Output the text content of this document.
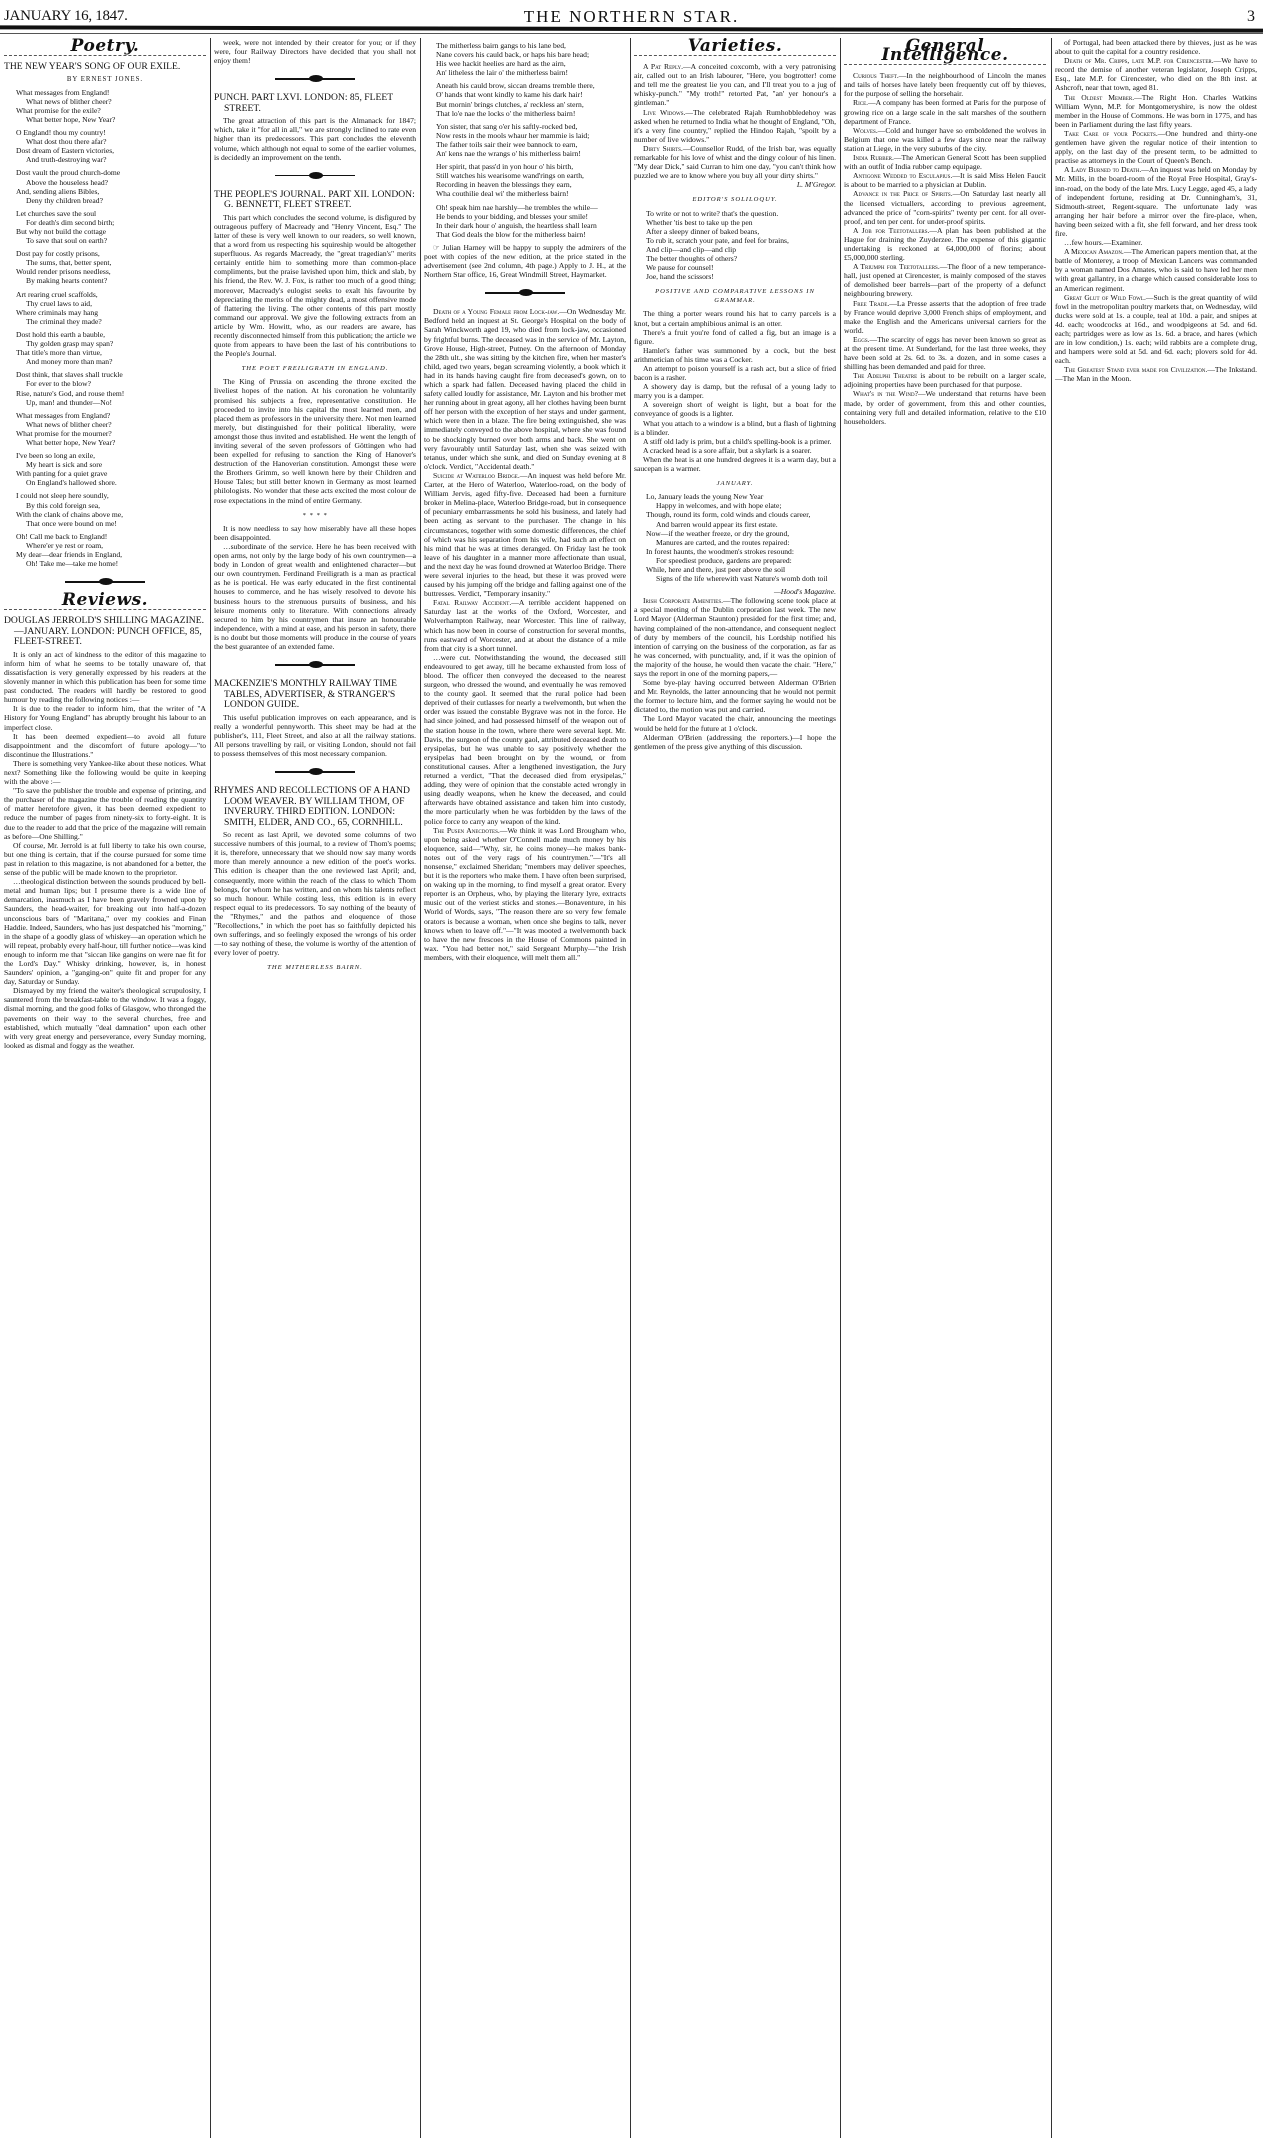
JANUARY 16, 1847.	THE NORTHERN STAR.	3
Poetry.
THE NEW YEAR'S SONG OF OUR EXILE.
BY ERNEST JONES.
What messages from England!
What news of blither cheer?
What promise for the exile?
What better hope, New Year?
O England! thou my country!
What dost thou there afar?
Dost dream of Eastern victories,
And truth-destroying war?
Dost vault the proud church-dome
Above the houseless head?
And, sending aliens Bibles,
Deny thy children bread?
Let churches save the soul
For death's dim second birth;
But why not build the cottage
To save that soul on earth?
Dost pay for costly prisons,
The sums, that, better spent,
Would render prisons needless,
By making hearts content?
Art rearing cruel scaffolds,
Thy cruel laws to aid,
Where criminals may hang
The criminal they made?
Dost hold this earth a bauble,
Thy golden grasp may span?
That title's more than virtue,
And money more than man?
Dost think, that slaves shall truckle
For ever to the blow?
Rise, nature's God, and rouse them!
Up, man! and thunder—No!
What messages from England?
What news of blither cheer?
What promise for the mourner?
What better hope, New Year?
I've been so long an exile,
My heart is sick and sore
With panting for a quiet grave
On England's hallowed shore.
I could not sleep here soundly,
By this cold foreign sea,
With the clank of chains above me,
That once were bound on me!
Oh! Call me back to England!
Where'er ye rest or roam,
My dear—dear friends in England,
Oh! Take me—take me home!
Reviews.
DOUGLAS JERROLD'S SHILLING MAGAZINE.—JANUARY. LONDON: PUNCH OFFICE, 85, FLEET-STREET.

It is only an act of kindness to the editor of this magazine to inform him of what he seems to be totally unaware of, that dissatisfaction is very generally expressed by his readers at the slovenly manner in which this publication has been for some time past conducted. The readers will hardly be restored to good humour by reading the following notices :—

It is due to the reader to inform him, that the writer of "A History for Young England" has abruptly brought his labour to an imperfect close.

It has been deemed expedient—to avoid all future disappointment and the discomfort of future apology—"to discontinue the Illustrations."

There is something very Yankee-like about these notices. What next? Something like the following would be quite in keeping with the above :—

"To save the publisher the trouble and expense of printing, and the purchaser of the magazine the trouble of reading the quantity of matter heretofore given, it has been deemed expedient to reduce the number of pages from ninety-six to forty-eight. It is due to the reader to add that the price of the magazine will remain as before—One Shilling."

Of course, Mr. Jerrold is at full liberty to take his own course, but one thing is certain, that if the course pursued for some time past in relation to this magazine, is not abandoned for a better, the sense of the public will be made known to the proprietor.

…theological distinction between the sounds produced by bell-metal and human lips; but I presume there is a wide line of demarcation, inasmuch as I have been gravely frowned upon by Saunders, the head-waiter, for breaking out into half-a-dozen unconscious bars of "Maritana," over my cookies and Finan Haddie. Indeed, Saunders, who has just despatched his "morning," in the shape of a goodly glass of whiskey—an operation which he will repeat, probably every half-hour, till further notice—was kind enough to inform me that "siccan like gangins on were nae fit for the Lord's Day." Whisky drinking, however, is, in honest Saunders' opinion, a "ganging-on" quite fit and proper for any day, Saturday or Sunday.

Dismayed by my friend the waiter's theological scrupulosity, I sauntered from the breakfast-table to the window. It was a foggy, dismal morning, and the good folks of Glasgow, who thronged the pavements on their way to the several churches, free and established, which mutually "deal damnation" upon each other with very great energy and perseverance, every Sunday morning, looked as dismal and foggy as the weather.

week, were not intended by their creator for you; or if they were, four Railway Directors have decided that you shall not enjoy them!

PUNCH. PART LXVI. LONDON: 85, FLEET STREET.

The great attraction of this part is the Almanack for 1847; which, take it "for all in all," we are strongly inclined to rate even higher than its predecessors. This part concludes the eleventh volume, which although not equal to some of the earlier volumes, is decidedly an improvement on the tenth.

THE PEOPLE'S JOURNAL. PART XII. LONDON: G. BENNETT, FLEET STREET.

This part which concludes the second volume, is disfigured by outrageous puffery of Macready and "Henry Vincent, Esq." The latter of these is very well known to our readers, so well known, that a word from us respecting his squireship would be altogether superfluous. As regards Macready, the "great tragedian's" merits certainly entitle him to something more than common-place compliments, but the praise lavished upon him, thick and slab, by his friend, the Rev. W. J. Fox, is rather too much of a good thing; moreover, Macready's eulogist seeks to exalt his favourite by depreciating the merits of the mighty dead, a most offensive mode of flattering the living. The other contents of this part mostly command our approval. We give the following extracts from an article by Wm. Howitt, who, as our readers are aware, has recently disconnected himself from this publication; the article we quote from appears to have been the last of his contributions to the People's Journal.

THE POET FREILIGRATH IN ENGLAND.

The King of Prussia on ascending the throne excited the liveliest hopes of the nation. At his coronation he voluntarily promised his subjects a free, representative constitution. He proceeded to invite into his capital the most learned men, and placed them as professors in the university there. Not men learned merely, but distinguished for their political liberality, were amongst those thus invited and established. He went the length of inviting several of the seven professors of Göttingen who had been expelled for refusing to sanction the King of Hanover's destruction of the Hanoverian constitution. Amongst these were the Brothers Grimm, so well known here by their Children and House Tales; but still better known in Germany as most learned philologists. No wonder that these acts excited the most colour de rose expectations in the mind of entire Germany.

* * * *

It is now needless to say how miserably have all these hopes been disappointed.

…subordinate of the service. Here he has been received with open arms, not only by the large body of his own countrymen—a body in London of great wealth and enlightened character—but our own countrymen. Ferdinand Freiligrath is a man as practical as he is poetical. He was early educated in the first continental houses to commerce, and he has wisely resolved to devote his business hours to the strenuous pursuits of business, and his leisure moments only to literature. With connections already secured to him by his countrymen that insure an honourable independence, with a mind at ease, and his person in safety, there is no doubt but those moments will produce in the course of years the best guarantee of an extended fame.

MACKENZIE'S MONTHLY RAILWAY TIME TABLES, ADVERTISER, & STRANGER'S LONDON GUIDE.

This useful publication improves on each appearance, and is really a wonderful pennyworth. This sheet may be had at the publisher's, 111, Fleet Street, and also at all the railway stations. All persons travelling by rail, or visiting London, should not fail to possess themselves of this most necessary companion.

RHYMES AND RECOLLECTIONS OF A HAND LOOM WEAVER. BY WILLIAM THOM, OF INVERURY. THIRD EDITION. LONDON: SMITH, ELDER, AND CO., 65, CORNHILL.

So recent as last April, we devoted some columns of two successive numbers of this journal, to a review of Thom's poems; it is, therefore, unnecessary that we should now say many words more than merely announce a new edition of the poet's works. This edition is cheaper than the one reviewed last April; and, consequently, more within the reach of the class to which Thom belongs, for whom he has written, and on whom his talents reflect so much honour. While costing less, this edition is in every respect equal to its predecessors. To say nothing of the beauty of the "Rhymes," and the pathos and eloquence of those "Recollections," in which the poet has so faithfully depicted his own sufferings, and so feelingly exposed the wrongs of his order—to say nothing of these, the volume is worthy of the attention of every lover of poetry.

THE MITHERLESS BAIRN.
The mitherless bairn gangs to his lane bed,
Nane covers his cauld back, or haps his bare head;
His wee hackit heelies are hard as the airn,
An' litheless the lair o' the mitherless bairn!
Aneath his cauld brow, siccan dreams tremble there,
O' hands that wont kindly to kame his dark hair!
But mornin' brings clutches, a' reckless an' stern,
That lo'e nae the locks o' the mitherless bairn!
Yon sister, that sang o'er his saftly-rocked bed,
Now rests in the mools whaur her mammie is laid;
The father toils sair their wee bannock to earn,
An' kens nae the wrangs o' his mitherless bairn!
Her spirit, that pass'd in yon hour o' his birth,
Still watches his wearisome wand'rings on earth,
Recording in heaven the blessings they earn,
Wha couthilie deal wi' the mitherless bairn!
Oh! speak him nae harshly—he trembles the while—
He bends to your bidding, and blesses your smile!
In their dark hour o' anguish, the heartless shall learn
That God deals the blow for the mitherless bairn!

☞ Julian Harney will be happy to supply the admirers of the poet with copies of the new edition, at the price stated in the advertisement (see 2nd column, 4th page.) Apply to J. H., at the Northern Star office, 16, Great Windmill Street, Haymarket.

Death of a Young Female from Lock-jaw.—On Wednesday Mr. Bedford held an inquest at St. George's Hospital on the body of Sarah Winckworth aged 19, who died from lock-jaw, occasioned by frightful burns. The deceased was in the service of Mr. Layton, Grove House, High-street, Putney. On the afternoon of Monday the 28th ult., she was sitting by the kitchen fire, when her master's child, aged two years, began screaming violently, a book which it had in its hands having caught fire from deceased's gown, on to which a spark had fallen. Deceased having placed the child in safety called loudly for assistance, Mr. Layton and his brother met her running about in great agony, all her clothes having been burnt off her person with the exception of her stays and under garment, which were then in a blaze. The fire being extinguished, she was immediately conveyed to the above hospital, where she was found to be shockingly burned over both arms and back. She went on very favourably until Saturday last, when she was seized with tetanus, under which she sunk, and died on Sunday evening at 8 o'clock. Verdict, "Accidental death."

Suicide at Waterloo Bridge.—An inquest was held before Mr. Carter, at the Hero of Waterloo, Waterloo-road, on the body of William Jervis, aged fifty-five. Deceased had been a furniture broker in Melina-place, Waterloo Bridge-road, but in consequence of pecuniary embarrassments he sold his business, and lately had been acting as servant to the purchaser. The change in his circumstances, together with some domestic differences, the chief of which was his separation from his wife, had such an effect on his mind that he was at times deranged. On Friday last he took leave of his daughter in a manner more affectionate than usual, and the next day he was found drowned at Waterloo Bridge. There were several injuries to the head, but these it was proved were caused by his jumping off the bridge and falling against one of the buttresses. Verdict, "Temporary insanity."

Fatal Railway Accident.—A terrible accident happened on Saturday last at the works of the Oxford, Worcester, and Wolverhampton Railway, near Worcester. This line of railway, which has now been in course of construction for several months, runs eastward of Worcester, and at about the distance of a mile from that city is a short tunnel.

…were cut. Notwithstanding the wound, the deceased still endeavoured to get away, till he became exhausted from loss of blood. The officer then conveyed the deceased to the nearest surgeon, who dressed the wound, and eventually he was removed to the county gaol. It seemed that the rural police had been deprived of their cutlasses for nearly a twelvemonth, but when the order was issued the constable Bygrave was not in the force. He had since joined, and had possessed himself of the weapon out of the station house in the town, where there were several kept. Mr. Davis, the surgeon of the county gaol, attributed deceased death to erysipelas, but he was unable to say positively whether the erysipelas had been brought on by the wound, or from constitutional causes. After a lengthened investigation, the Jury returned a verdict, "That the deceased died from erysipelas," adding, they were of opinion that the constable acted wrongly in using deadly weapons, when he knew the deceased, and could afterwards have obtained assistance and taken him into custody, the more particularly when he was forbidden by the laws of the police force to carry any weapon of the kind.

The Pusen Anecdotes.—We think it was Lord Brougham who, upon being asked whether O'Connell made much money by his eloquence, said—"Why, sir, he coins money—he makes bank-notes out of the very rags of his countrymen."—"It's all nonsense," exclaimed Sheridan; "members may deliver speeches, but it is the reporters who make them. I have often been surprised, on waking up in the morning, to find myself a great orator. Every reporter is an Orpheus, who, by playing the literary lyre, extracts music out of the veriest sticks and stones.—Bonaventure, in his World of Words, says, "The reason there are so very few female orators is because a woman, when once she begins to talk, never knows when to leave off."—"It was mooted a twelvemonth back to have the new frescoes in the House of Commons painted in wax. "You had better not," said Sergeant Murphy—"the Irish members, with their eloquence, will melt them all."

Varieties.

A Pat Reply.—A conceited coxcomb, with a very patronising air, called out to an Irish labourer, "Here, you bogtrotter! come and tell me the greatest lie you can, and I'll treat you to a jug of whisky-punch." "My troth!" retorted Pat, "an' yer honour's a gintleman."

Live Widows.—The celebrated Rajah Rumhobbledehoy was asked when he returned to India what he thought of England, "Oh, it's a very fine country," replied the Hindoo Rajah, "spoilt by a number of live widows."

Dirty Shirts.—Counsellor Rudd, of the Irish bar, was equally remarkable for his love of whist and the dingy colour of his linen. "My dear Dick," said Curran to him one day, "you can't think how puzzled we are to know where you buy all your dirty shirts."

L. M'Gregor.

EDITOR'S SOLILOQUY.
To write or not to write? that's the question.
Whether 'tis best to take up the pen
After a sleepy dinner of baked beans,
To rub it, scratch your pate, and feel for brains,
And clip—and clip—and clip
The better thoughts of others?
We pause for counsel!
Joe, hand the scissors!
POSITIVE AND COMPARATIVE LESSONS IN GRAMMAR.

The thing a porter wears round his hat to carry parcels is a knot, but a certain amphibious animal is an otter.

There's a fruit you're fond of called a fig, but an image is a figure.

Hamlet's father was summoned by a cock, but the best arithmetician of his time was a Cocker.

An attempt to poison yourself is a rash act, but a slice of fried bacon is a rasher.

A showery day is damp, but the refusal of a young lady to marry you is a damper.

A sovereign short of weight is light, but a boat for the conveyance of goods is a lighter.

What you attach to a window is a blind, but a flash of lightning is a blinder.

A stiff old lady is prim, but a child's spelling-book is a primer.

A cracked head is a sore affair, but a skylark is a soarer.

When the heat is at one hundred degrees it is a warm day, but a saucepan is a warmer.

JANUARY.
Lo, January leads the young New Year
Happy in welcomes, and with hope elate;
Though, round its form, cold winds and clouds career,
And barren would appear its first estate.
Now—if the weather freeze, or dry the ground,
Manures are carted, and the routes repaired:
In forest haunts, the woodmen's strokes resound:
For speediest produce, gardens are prepared:
While, here and there, just peer above the soil
Signs of the life wherewith vast Nature's womb doth toil

—Hood's Magazine.

Irish Corporate Amenities.—The following scene took place at a special meeting of the Dublin corporation last week. The new Lord Mayor (Alderman Staunton) presided for the first time; and, having complained of the non-attendance, and consequent neglect of duty by members of the council, his Lordship notified his intention of carrying on the business of the corporation, as far as he was concerned, with punctuality, and, if it was the opinion of the majority of the house, he would then vacate the chair. "Here," says the report in one of the morning papers,—

Some bye-play having occurred between Alderman O'Brien and Mr. Reynolds, the latter announcing that he would not permit the former to lecture him, and the former saying he would not be dictated to, the motion was put and carried.

The Lord Mayor vacated the chair, announcing the meetings would be held for the future at 1 o'clock.

Alderman O'Brien (addressing the reporters.)—I hope the gentlemen of the press give anything of this discussion.

General Intelligence.

Curious Theft.—In the neighbourhood of Lincoln the manes and tails of horses have lately been frequently cut off by thieves, for the purpose of selling the horsehair.

Rice.—A company has been formed at Paris for the purpose of growing rice on a large scale in the salt marshes of the southern department of France.

Wolves.—Cold and hunger have so emboldened the wolves in Belgium that one was killed a few days since near the railway station at Liege, in the very suburbs of the city.

India Rubber.—The American General Scott has been supplied with an outfit of India rubber camp equipage.

Antigone Wedded to Esculapius.—It is said Miss Helen Faucit is about to be married to a physician at Dublin.

Advance in the Price of Spirits.—On Saturday last nearly all the licensed victuallers, according to previous agreement, advanced the price of "corn-spirits" twenty per cent. for all over-proof, and ten per cent. for under-proof spirits.

A Job for Teetotallers.—A plan has been published at the Hague for draining the Zuyderzee. The expense of this gigantic undertaking is reckoned at 64,000,000 of florins; about £5,000,000 sterling.

A Triumph for Teetotallers.—The floor of a new temperance-hall, just opened at Cirencester, is mainly composed of the staves of demolished beer barrels—part of the property of a defunct neighbouring brewery.

Free Trade.—La Presse asserts that the adoption of free trade by France would deprive 3,000 French ships of employment, and make the English and the Americans universal carriers for the world.

Eggs.—The scarcity of eggs has never been known so great as at the present time. At Sunderland, for the last three weeks, they have been sold at 2s. 6d. to 3s. a dozen, and in some cases a shilling has been demanded and paid for three.

The Adelphi Theatre is about to be rebuilt on a larger scale, adjoining properties have been purchased for that purpose.

What's in the Wind?—We understand that returns have been made, by order of government, from this and other counties, containing very full and detailed information, relative to the £10 householders.

of Portugal, had been attacked there by thieves, just as he was about to quit the capital for a country residence.

Death of Mr. Cripps, late M.P. for Cirencester.—We have to record the demise of another veteran legislator, Joseph Cripps, Esq., late M.P. for Cirencester, who died on the 8th inst. at Ashcroft, near that town, aged 81.

The Oldest Member.—The Right Hon. Charles Watkins William Wynn, M.P. for Montgomeryshire, is now the oldest member in the House of Commons. He was born in 1775, and has been in Parliament during the last fifty years.

Take Care of your Pockets.—One hundred and thirty-one gentlemen have given the regular notice of their intention to apply, on the last day of the present term, to be admitted to practise as attorneys in the Court of Queen's Bench.

A Lady Burned to Death.—An inquest was held on Monday by Mr. Mills, in the board-room of the Royal Free Hospital, Gray's-inn-road, on the body of the late Mrs. Lucy Legge, aged 45, a lady of independent fortune, residing at Dr. Cunningham's, 31, Sidmouth-street, Regent-square. The unfortunate lady was arranging her hair before a mirror over the fire-place, when, having been seized with a fit, she fell forward, and her dress took fire.

…few hours.—Examiner.

A Mexican Amazon.—The American papers mention that, at the battle of Monterey, a troop of Mexican Lancers was commanded by a woman named Dos Amates, who is said to have led her men with great gallantry, in a charge which caused considerable loss to an American regiment.

Great Glut of Wild Fowl.—Such is the great quantity of wild fowl in the metropolitan poultry markets that, on Wednesday, wild ducks were sold at 1s. a couple, teal at 10d. a pair, and snipes at 4d. each; woodcocks at 16d., and woodpigeons at 5d. and 6d. each; partridges were as low as 1s. 6d. a brace, and hares (which are in low condition,) 1s. each; wild rabbits are a complete drug, and hampers were sold at 5d. and 6d. each; plovers sold for 4d. each.

The Greatest Stand ever made for Civilization.—The Inkstand.—The Man in the Moon.
